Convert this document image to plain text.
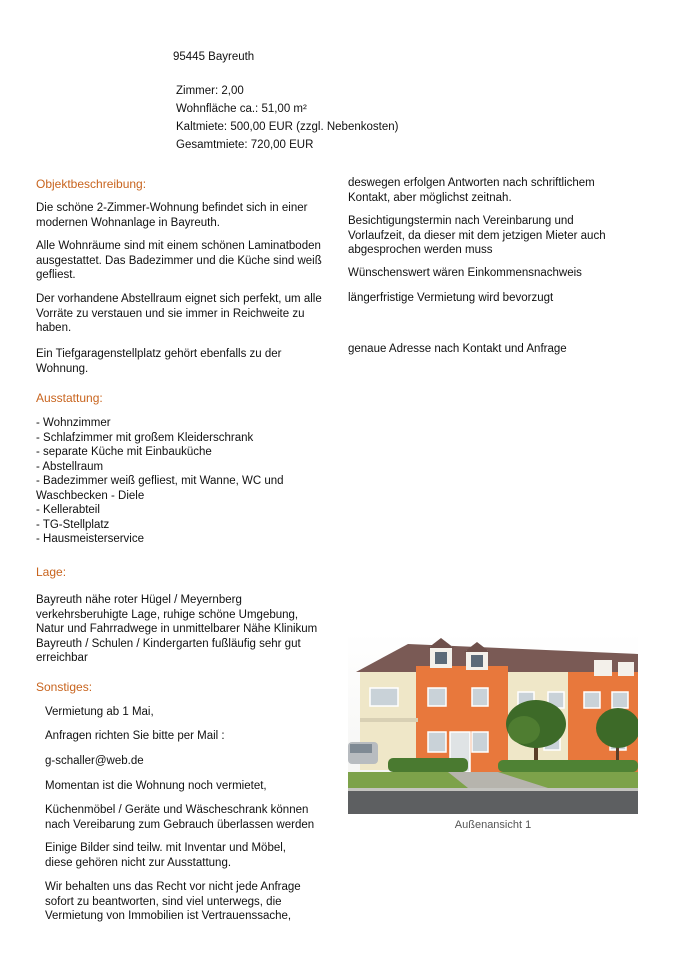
95445 Bayreuth
Zimmer: 2,00
Wohnfläche ca.: 51,00 m²
Kaltmiete: 500,00 EUR (zzgl. Nebenkosten)
Gesamtmiete: 720,00 EUR
Objektbeschreibung:

Die schöne 2-Zimmer-Wohnung befindet sich in einer modernen Wohnanlage in Bayreuth.

Alle Wohnräume sind mit einem schönen Laminatboden ausgestattet. Das Badezimmer und die Küche sind weiß gefliest.

Der vorhandene Abstellraum eignet sich perfekt, um alle Vorräte zu verstauen und sie immer in Reichweite zu haben.

Ein Tiefgaragenstellplatz gehört ebenfalls zu der Wohnung.

Ausstattung:
- Wohnzimmer
- Schlafzimmer mit großem Kleiderschrank
- separate Küche mit Einbauküche
- Abstellraum
- Badezimmer weiß gefliest, mit Wanne, WC und Waschbecken - Diele
- Kellerabteil
- TG-Stellplatz
- Hausmeisterservice
Lage:

Bayreuth nähe roter Hügel / Meyernberg verkehrsberuhigte Lage, ruhige schöne Umgebung, Natur und Fahrradwege in unmittelbarer Nähe Klinikum Bayreuth / Schulen / Kindergarten fußläufig sehr gut erreichbar

Sonstiges:

Vermietung ab 1 Mai,

Anfragen richten Sie bitte per Mail :

g-schaller@web.de

Momentan ist die Wohnung noch vermietet,

Küchenmöbel / Geräte und Wäscheschrank können nach Vereibarung zum Gebrauch überlassen werden

Einige Bilder sind teilw. mit Inventar und Möbel, diese gehören nicht zur Ausstattung.

Wir behalten uns das Recht vor nicht jede Anfrage sofort zu beantworten, sind viel unterwegs, die Vermietung von Immobilien ist Vertrauenssache,

deswegen erfolgen Antworten nach schriftlichem Kontakt, aber möglichst zeitnah.

Besichtigungstermin nach Vereinbarung und Vorlaufzeit, da dieser mit dem jetzigen Mieter auch abgesprochen werden muss

Wünschenswert wären Einkommensnachweis

längerfristige Vermietung wird bevorzugt

genaue Adresse nach Kontakt und Anfrage

Außenansicht 1
